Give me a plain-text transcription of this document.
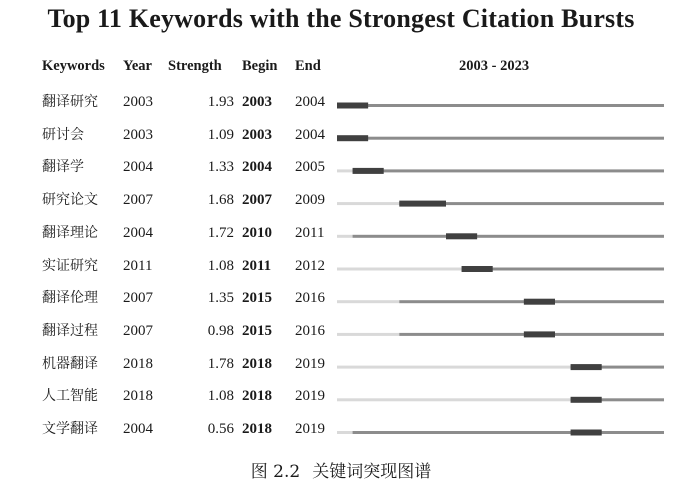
Top 11 Keywords with the Strongest Citation Bursts
Keywords Year Strength Begin End	2003 - 2023
翻译研究 2003	1.93 2003 2004
研讨会	2003	1.09 2003 2004
翻译学	2004	1.33 2004 2005
研究论文 2007	1.68 2007 2009
翻译理论 2004	1.72 2010 2011
实证研究 2011	1.08 2011 2012
翻译伦理 2007	1.35 2015 2016
翻译过程 2007	0.98 2015 2016
机器翻译 2018	1.78 2018 2019
人工智能 2018	1.08 2018 2019
文学翻译 2004	0.56 2018 2019
图 2.2 关键词突现图谱
